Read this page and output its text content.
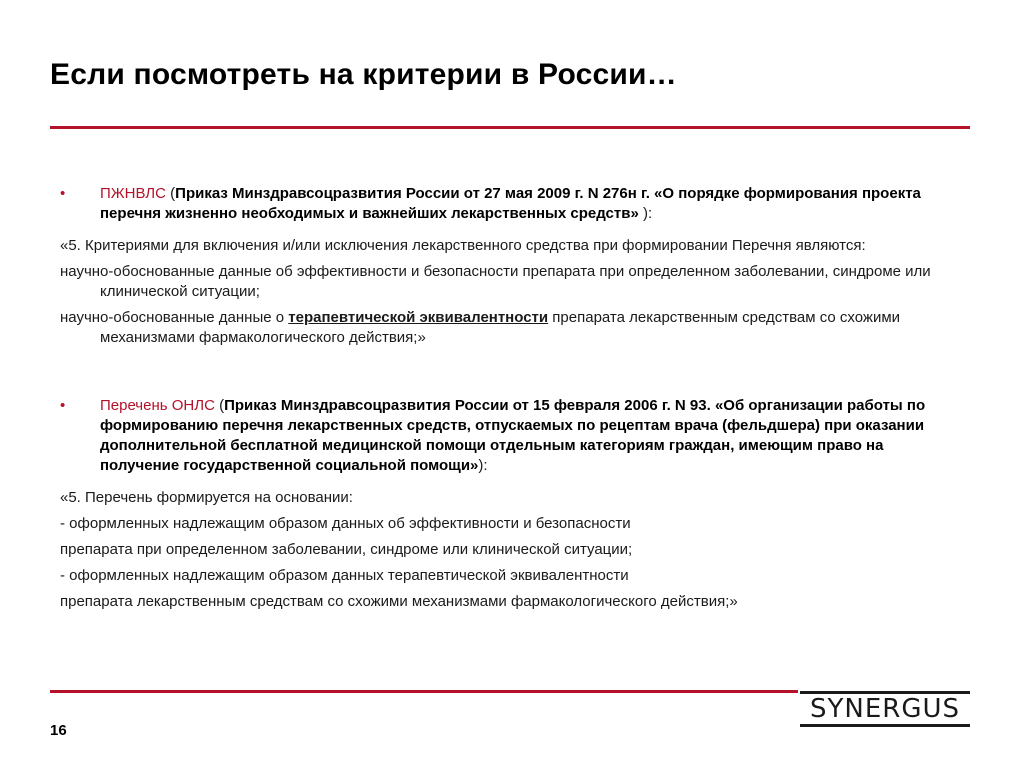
Если посмотреть на критерии в России…
• ПЖНВЛС (Приказ Минздравсоцразвития России от 27 мая 2009 г. N 276н г. «О порядке формирования проекта перечня жизненно необходимых и важнейших лекарственных средств» ):

«5. Критериями для включения и/или исключения лекарственного средства при формировании Перечня являются:

научно-обоснованные данные об эффективности и безопасности препарата при определенном заболевании, синдроме или клинической ситуации;

научно-обоснованные данные о терапевтической эквивалентности препарата лекарственным средствам со схожими механизмами фармакологического действия;»

• Перечень ОНЛС (Приказ Минздравсоцразвития России от 15 февраля 2006 г. N 93. «Об организации работы по формированию перечня лекарственных средств, отпускаемых по рецептам врача (фельдшера) при оказании дополнительной бесплатной медицинской помощи отдельным категориям граждан, имеющим право на получение государственной социальной помощи»):

«5. Перечень формируется на основании:

- оформленных надлежащим образом данных об эффективности и безопасности

препарата при определенном заболевании, синдроме или клинической ситуации;

- оформленных надлежащим образом данных терапевтической эквивалентности

препарата лекарственным средствам со схожими механизмами фармакологического действия;»

SYNERGUS
16
